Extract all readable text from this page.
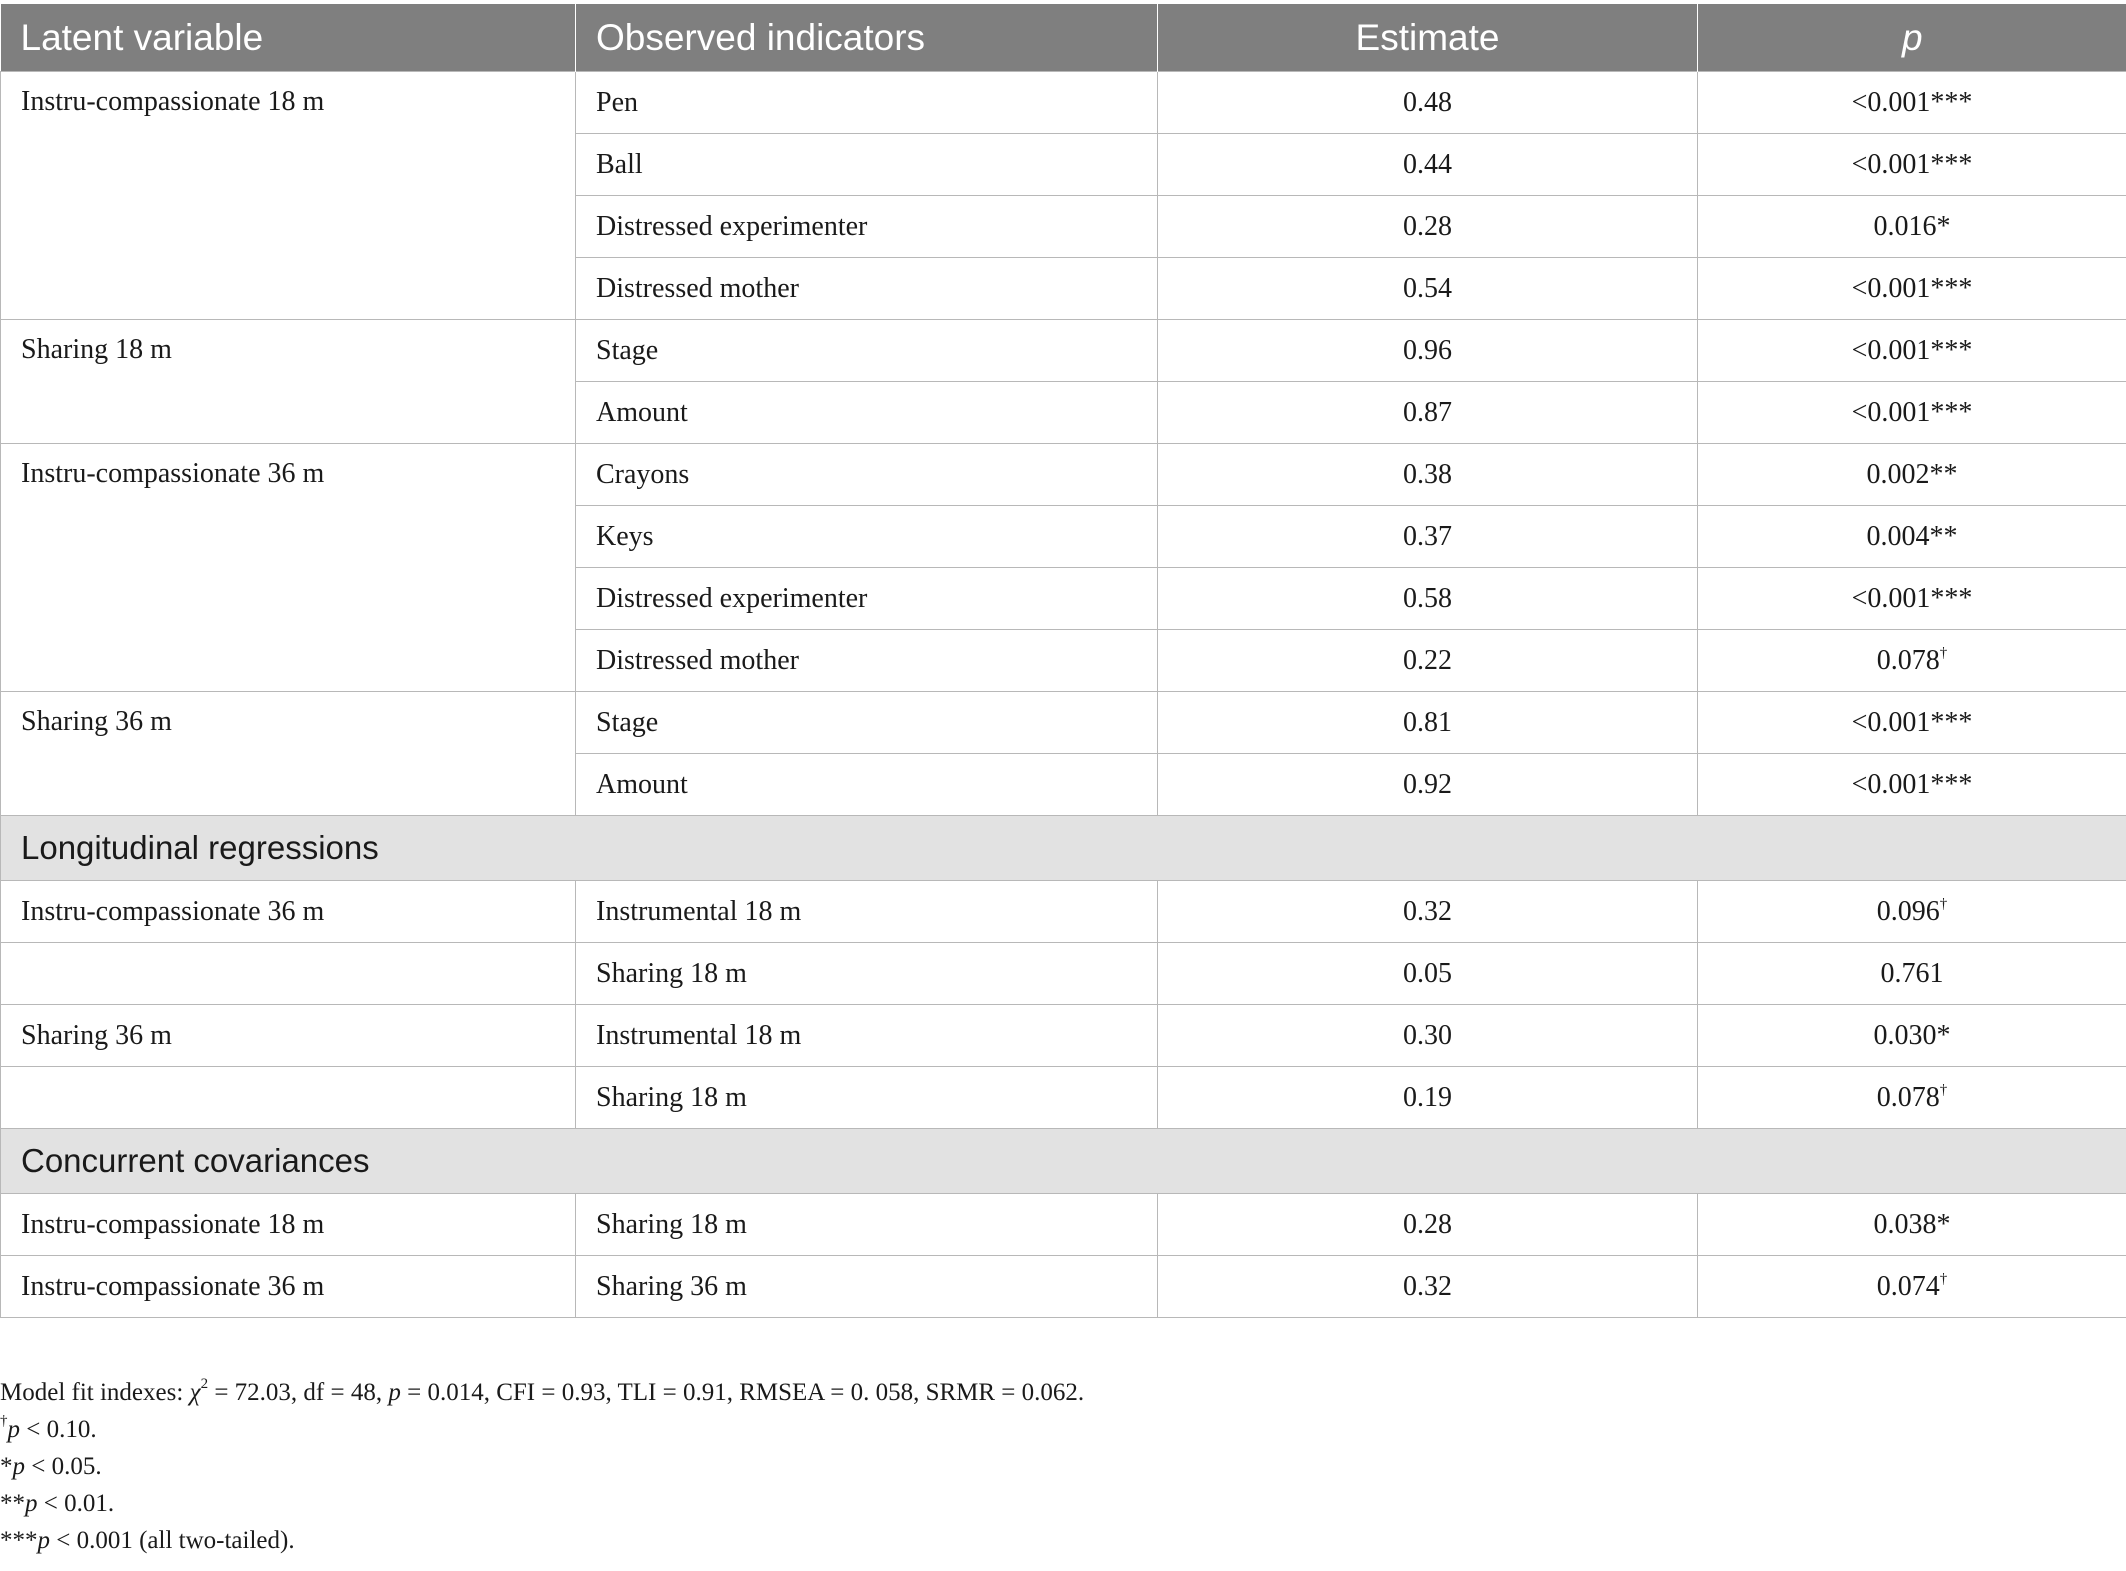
Latent variable	Observed indicators	Estimate	p
Instru-compassionate 18 m	Pen	0.48	<0.001***
	Ball	0.44	<0.001***
	Distressed experimenter	0.28	0.016*
	Distressed mother	0.54	<0.001***
Sharing 18 m	Stage	0.96	<0.001***
	Amount	0.87	<0.001***
Instru-compassionate 36 m	Crayons	0.38	0.002**
	Keys	0.37	0.004**
	Distressed experimenter	0.58	<0.001***
	Distressed mother	0.22	0.078†
Sharing 36 m	Stage	0.81	<0.001***
	Amount	0.92	<0.001***
Longitudinal regressions			
Instru-compassionate 36 m	Instrumental 18 m	0.32	0.096†
	Sharing 18 m	0.05	0.761
Sharing 36 m	Instrumental 18 m	0.30	0.030*
	Sharing 18 m	0.19	0.078†
Concurrent covariances			
Instru-compassionate 18 m	Sharing 18 m	0.28	0.038*
Instru-compassionate 36 m	Sharing 36 m	0.32	0.074†
Model fit indexes: $\chi^2 = 72.03$, df = 48, p = 0.014, CFI = 0.93, TLI = 0.91, RMSEA = 0. 058, SRMR = 0.062.
†p < 0.10.
*p < 0.05.
**p < 0.01.
***p < 0.001 (all two-tailed).
